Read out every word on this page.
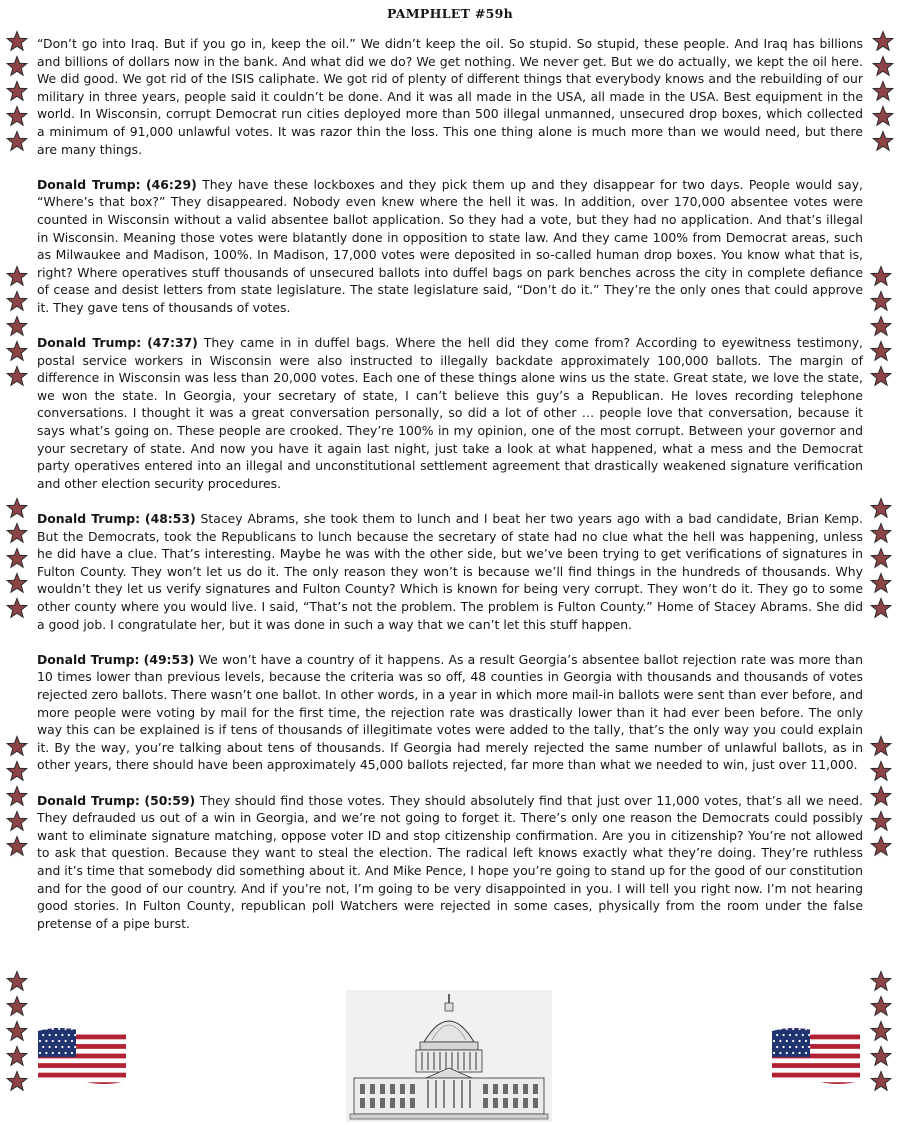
PAMPHLET #59h

“Don’t go into Iraq. But if you go in, keep the oil.” We didn’t keep the oil. So stupid. So stupid, these people. And Iraq has billions and billions of dollars now in the bank. And what did we do? We get nothing. We never get. But we do actually, we kept the oil here. We did good. We got rid of the ISIS caliphate. We got rid of plenty of different things that everybody knows and the rebuilding of our military in three years, people said it couldn’t be done. And it was all made in the USA, all made in the USA. Best equipment in the world. In Wisconsin, corrupt Democrat run cities deployed more than 500 illegal unmanned, unsecured drop boxes, which collected a minimum of 91,000 unlawful votes. It was razor thin the loss. This one thing alone is much more than we would need, but there are many things.

Donald Trump: (46:29) They have these lockboxes and they pick them up and they disappear for two days. People would say, “Where’s that box?” They disappeared. Nobody even knew where the hell it was. In addition, over 170,000 absentee votes were counted in Wisconsin without a valid absentee ballot application. So they had a vote, but they had no application. And that’s illegal in Wisconsin. Meaning those votes were blatantly done in opposition to state law. And they came 100% from Democrat areas, such as Milwaukee and Madison, 100%. In Madison, 17,000 votes were deposited in so-called human drop boxes. You know what that is, right? Where operatives stuff thousands of unsecured ballots into duffel bags on park benches across the city in complete defiance of cease and desist letters from state legislature. The state legislature said, “Don’t do it.” They’re the only ones that could approve it. They gave tens of thousands of votes.

Donald Trump: (47:37) They came in in duffel bags. Where the hell did they come from? According to eyewitness testimony, postal service workers in Wisconsin were also instructed to illegally backdate approximately 100,000 ballots. The margin of difference in Wisconsin was less than 20,000 votes. Each one of these things alone wins us the state. Great state, we love the state, we won the state. In Georgia, your secretary of state, I can’t believe this guy’s a Republican. He loves recording telephone conversations. I thought it was a great conversation personally, so did a lot of other … people love that conversation, because it says what’s going on. These people are crooked. They’re 100% in my opinion, one of the most corrupt. Between your governor and your secretary of state. And now you have it again last night, just take a look at what happened, what a mess and the Democrat party operatives entered into an illegal and unconstitutional settlement agreement that drastically weakened signature verification and other election security procedures.

Donald Trump: (48:53) Stacey Abrams, she took them to lunch and I beat her two years ago with a bad candidate, Brian Kemp. But the Democrats, took the Republicans to lunch because the secretary of state had no clue what the hell was happening, unless he did have a clue. That’s interesting. Maybe he was with the other side, but we’ve been trying to get verifications of signatures in Fulton County. They won’t let us do it. The only reason they won’t is because we’ll find things in the hundreds of thousands. Why wouldn’t they let us verify signatures and Fulton County? Which is known for being very corrupt. They won’t do it. They go to some other county where you would live. I said, “That’s not the problem. The problem is Fulton County.” Home of Stacey Abrams. She did a good job. I congratulate her, but it was done in such a way that we can’t let this stuff happen.

Donald Trump: (49:53) We won’t have a country of it happens. As a result Georgia’s absentee ballot rejection rate was more than 10 times lower than previous levels, because the criteria was so off, 48 counties in Georgia with thousands and thousands of votes rejected zero ballots. There wasn’t one ballot. In other words, in a year in which more mail-in ballots were sent than ever before, and more people were voting by mail for the first time, the rejection rate was drastically lower than it had ever been before. The only way this can be explained is if tens of thousands of illegitimate votes were added to the tally, that’s the only way you could explain it. By the way, you’re talking about tens of thousands. If Georgia had merely rejected the same number of unlawful ballots, as in other years, there should have been approximately 45,000 ballots rejected, far more than what we needed to win, just over 11,000.

Donald Trump: (50:59) They should find those votes. They should absolutely find that just over 11,000 votes, that’s all we need. They defrauded us out of a win in Georgia, and we’re not going to forget it. There’s only one reason the Democrats could possibly want to eliminate signature matching, oppose voter ID and stop citizenship confirmation. Are you in citizenship? You’re not allowed to ask that question. Because they want to steal the election. The radical left knows exactly what they’re doing. They’re ruthless and it’s time that somebody did something about it. And Mike Pence, I hope you’re going to stand up for the good of our constitution and for the good of our country. And if you’re not, I’m going to be very disappointed in you. I will tell you right now. I’m not hearing good stories. In Fulton County, republican poll Watchers were rejected in some cases, physically from the room under the false pretense of a pipe burst.
